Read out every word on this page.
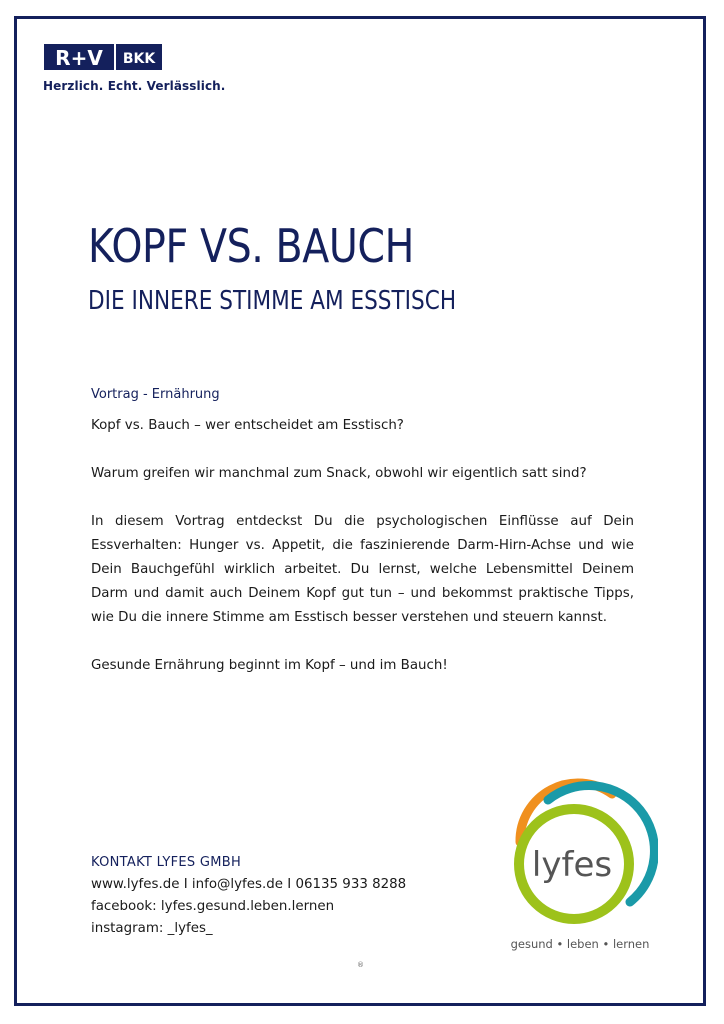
R+V BKK
Herzlich. Echt. Verlässlich.
KOPF VS. BAUCH
DIE INNERE STIMME AM ESSTISCH
Vortrag - Ernährung

Kopf vs. Bauch – wer entscheidet am Esstisch?

Warum greifen wir manchmal zum Snack, obwohl wir eigentlich satt sind?

In diesem Vortrag entdeckst Du die psychologischen Einflüsse auf Dein Essverhalten: Hunger vs. Appetit, die faszinierende Darm-Hirn-Achse und wie Dein Bauchgefühl wirklich arbeitet. Du lernst, welche Lebensmittel Deinem Darm und damit auch Deinem Kopf gut tun – und bekommst praktische Tipps, wie Du die innere Stimme am Esstisch besser verstehen und steuern kannst.

Gesunde Ernährung beginnt im Kopf – und im Bauch!

KONTAKT LYFES GMBH
www.lyfes.de I info@lyfes.de I 06135 933 8288
facebook: lyfes.gesund.leben.lernen
instagram: _lyfes_
lyfes
gesund • leben • lernen
®
